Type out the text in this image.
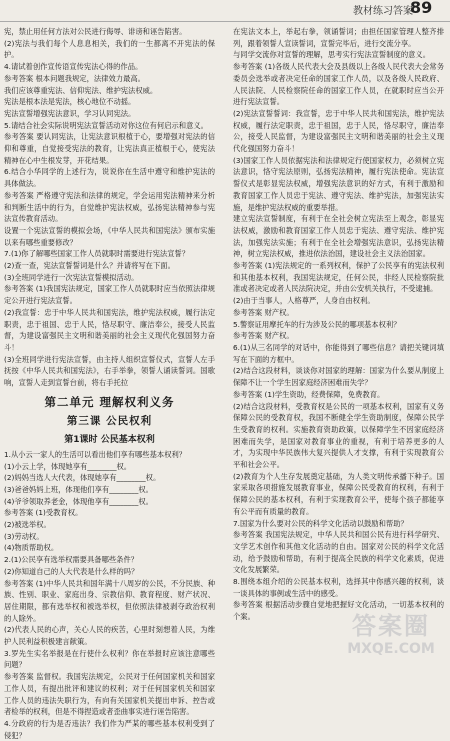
教材练习答案
89

宪，禁止用任何方法对公民进行侮辱、诽谤和诬告陷害。
(2)宪法与我们每个人息息相关，我们的一生都离不开宪法的保护。
4.请试着创作宣传语宣传宪法心得的作品。
参考答案 根本问题我规定，法律效力最高。
我们应该尊重宪法、信仰宪法、维护宪法权威。
宪法是根本法是宪法，核心地位不动摇。
宪法宣誓增强宪法意识，学习认同宪法。
5.请结合社会实际说明宪法宣誓活动对你这位有何启示和意义。
参考答案 要认同宪法，让宪法意识根植于心，要增强对宪法的信仰和尊重，自觉接受宪法的教育，让宪法真正植根于心，使宪法精神在心中生根发芽，开花结果。
6.结合小华同学的上述行为，说说你在生活中遵守和维护宪法的具体做法。
参考答案 严格遵守宪法和法律的规定，学会运用宪法精神来分析和判断生活中的行为，自觉维护宪法权威，弘扬宪法精神参与宪法宣传教育活动。
设置一个宪法宣誓的模拟会场，《中华人民共和国宪法》颁布实施以来有哪些重要修改？
7.(1)你了解哪些国家工作人员就职时需要进行宪法宣誓？
(2)查一查，宪法宣誓誓词是什么？并请将写在下面。
(3)全班同学进行一次宪法宣誓模拟活动。
参考答案 (1)我国宪法规定，国家工作人员就职时应当依照法律规定公开进行宪法宣誓。
(2)我宣誓：忠于中华人民共和国宪法，维护宪法权威，履行法定职责，忠于祖国、忠于人民，恪尽职守、廉洁奉公，接受人民监督，为建设富强民主文明和谐美丽的社会主义现代化强国努力奋斗！
(3)全班同学进行宪法宣誓，由主持人组织宣誓仪式，宣誓人左手抚按《中华人民共和国宪法》，右手举拳，领誓人诵读誓词。国歌响，宣誓人走到宣誓台前，将右手托拉

第二单元 理解权利义务
第三课 公民权利
第1课时 公民基本权利

1.从小云一家人的生活可以看出他们享有哪些基本权利？
(1)小云上学，体现她享有________权。
(2)妈妈当选人大代表，体现她享有________权。
(3)爸爸妈妈上班，体现他们享有________权。
(4)爷爷领取养老金，体现他享有________权。
参考答案 (1)受教育权。
(2)被选举权。
(3)劳动权。
(4)物质帮助权。
2.(1)公民享有选举权需要具备哪些条件？
(2)你知道自己的人大代表是什么样的吗？
参考答案 (1)中华人民共和国年满十八周岁的公民，不分民族、种族、性别、职业、家庭出身、宗教信仰、教育程度、财产状况、居住期限，都有选举权和被选举权，但依照法律被剥夺政治权利的人除外。
(2)代表人民的心声，关心人民的疾苦，心里时刻想着人民，为维护人民利益积极建言献策。
3.罗先生实名举报是在行使什么权利？你在举报时应该注意哪些问题？
参考答案 监督权。我国宪法规定，公民对于任何国家机关和国家工作人员，有提出批评和建议的权利；对于任何国家机关和国家工作人员的违法失职行为，有向有关国家机关提出申诉、控告或者检举的权利，但是不得捏造或者歪曲事实进行诬告陷害。
4.分政府的行为是否违法？我们作为严某的哪些基本权利受到了侵犯？

在宪法文本上，举起右拳，领诵誓词；由担任国家管理人整齐排列，跟着领誓人宣读誓词，宣誓完毕后，进行交流分享。
与同学交流你对宣誓的理解，思考实行宪法宣誓制度的意义。
参考答案 (1)各级人民代表大会及县级以上各级人民代表大会常务委员会选举或者决定任命的国家工作人员，以及各级人民政府、人民法院、人民检察院任命的国家工作人员，在就职时应当公开进行宪法宣誓。
(2)宪法宣誓誓词：我宣誓，忠于中华人民共和国宪法，维护宪法权威，履行法定职责，忠于祖国，忠于人民，恪尽职守，廉洁奉公，接受人民监督，为建设富强民主文明和谐美丽的社会主义现代化强国努力奋斗！
(3)国家工作人员依据宪法和法律规定行使国家权力，必须树立宪法意识，恪守宪法原则，弘扬宪法精神，履行宪法使命。宪法宣誓仪式是彰显宪法权威，增强宪法意识的好方式，有利于激励和教育国家工作人员忠于宪法、遵守宪法、维护宪法，加强宪法实施，是维护宪法权威的重要举措。
建立宪法宣誓制度，有利于在全社会树立宪法至上观念，彰显宪法权威，激励和教育国家工作人员忠于宪法、遵守宪法、维护宪法，加强宪法实施；有利于在全社会增强宪法意识，弘扬宪法精神，树立宪法权威，推进依法治国，建设社会主义法治国家。

参考答案 (1)宪法规定的一系列权利，保护了公民享有的宪法权利和其他基本权利，我国宪法规定，任何公民，非经人民检察院批准或者决定或者人民法院决定，并由公安机关执行，不受逮捕。
(2)由于当事人，人格尊严，人身自由权利。
参考答案 财产权。
5.警察证用摩托车的行为涉及公民的哪项基本权利？
参考答案 财产权。
6.(1)从三名同学的对话中，你能得到了哪些信息？请把关键词填写在下面的方框中。
(2)结合这段材料，谈谈你对国家的理解：国家为什么要从制度上保障不让一个学生因家庭经济困难而失学？
参考答案 (1)学生资助，经费保障，免费教育。
(2)结合这段材料，受教育权是公民的一项基本权利，国家有义务保障公民的受教育权，我国不断健全学生资助制度，保障公民学生受教育的权利。实施教育资助政策，以保障学生不因家庭经济困难而失学，是国家对教育事业的重视，有利于培养更多的人才，为实现中华民族伟大复兴提供人才支撑，有利于实现教育公平和社会公平。
(2)教育为个人生存发展奠定基础，为人类文明传承播下种子。国家采取各项措施发展教育事业，保障公民受教育的权利，有利于保障公民的基本权利，有利于实现教育公平，使每个孩子都能享有公平而有质量的教育。
7.国家为什么要对公民的科学文化活动以鼓励和帮助？
参考答案 我国宪法规定，中华人民共和国公民有进行科学研究、文学艺术创作和其他文化活动的自由。国家对公民的科学文化活动，给予鼓励和帮助，有利于提高全民族的科学文化素质，促进文化发展繁荣。
8.围绕本组介绍的公民基本权利，选择其中你感兴趣的权利，谈一谈具体的事例或生活中的感受。
参考答案 根据活动步骤自觉地把握好文化活动，一切基本权利的个案。	答案圈
MXQE.COM
